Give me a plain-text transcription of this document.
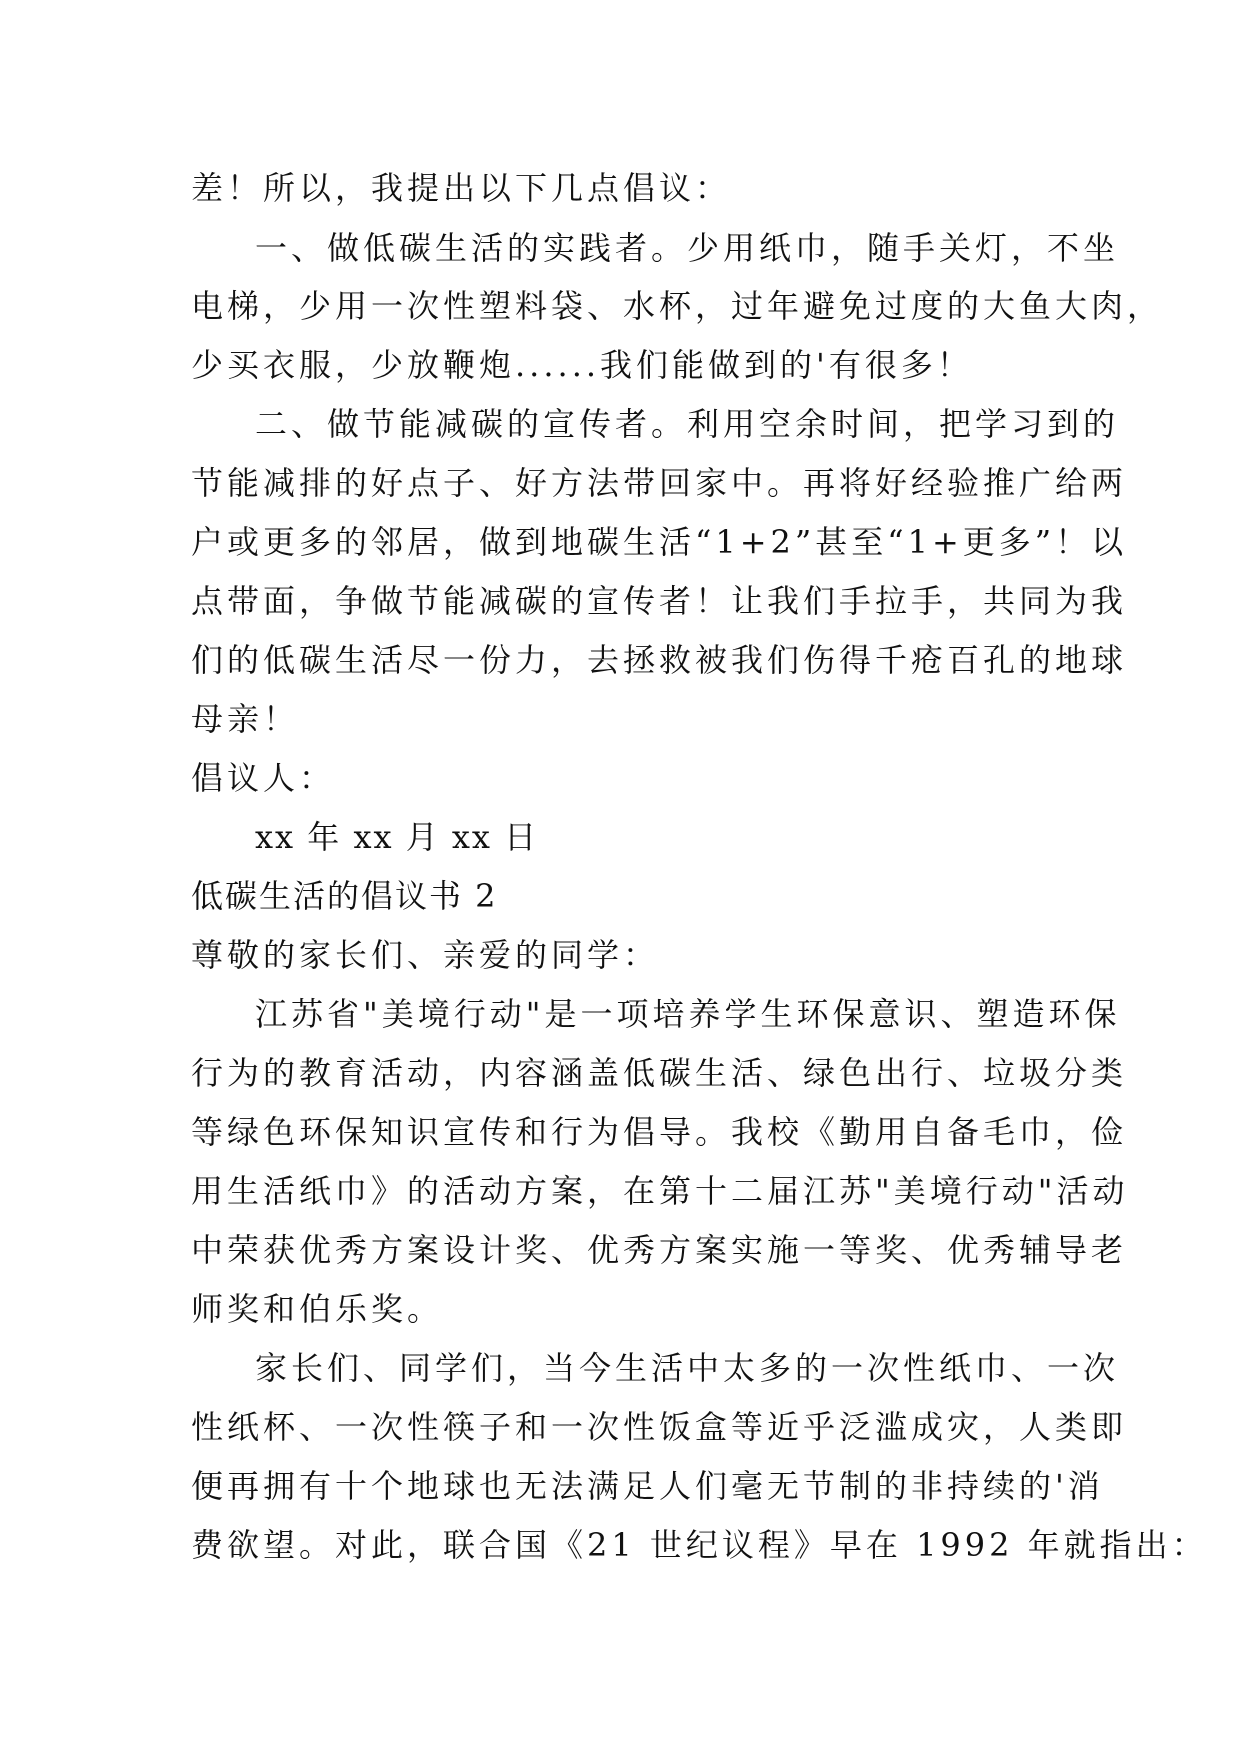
差！所以，我提出以下几点倡议：
一、做低碳生活的实践者。少用纸巾，随手关灯，不坐
电梯，少用一次性塑料袋、水杯，过年避免过度的大鱼大肉，
少买衣服，少放鞭炮......我们能做到的'有很多！
二、做节能减碳的宣传者。利用空余时间，把学习到的
节能减排的好点子、好方法带回家中。再将好经验推广给两
户或更多的邻居，做到地碳生活“1+2”甚至“1+更多”！以
点带面，争做节能减碳的宣传者！让我们手拉手，共同为我
们的低碳生活尽一份力，去拯救被我们伤得千疮百孔的地球
母亲！
倡议人：
xx 年 xx 月 xx 日
低碳生活的倡议书 2
尊敬的家长们、亲爱的同学：
江苏省"美境行动"是一项培养学生环保意识、塑造环保
行为的教育活动，内容涵盖低碳生活、绿色出行、垃圾分类
等绿色环保知识宣传和行为倡导。我校《勤用自备毛巾，俭
用生活纸巾》的活动方案，在第十二届江苏"美境行动"活动
中荣获优秀方案设计奖、优秀方案实施一等奖、优秀辅导老
师奖和伯乐奖。
家长们、同学们，当今生活中太多的一次性纸巾、一次
性纸杯、一次性筷子和一次性饭盒等近乎泛滥成灾，人类即
便再拥有十个地球也无法满足人们毫无节制的非持续的'消
费欲望。对此，联合国《21 世纪议程》早在 1992 年就指出：
